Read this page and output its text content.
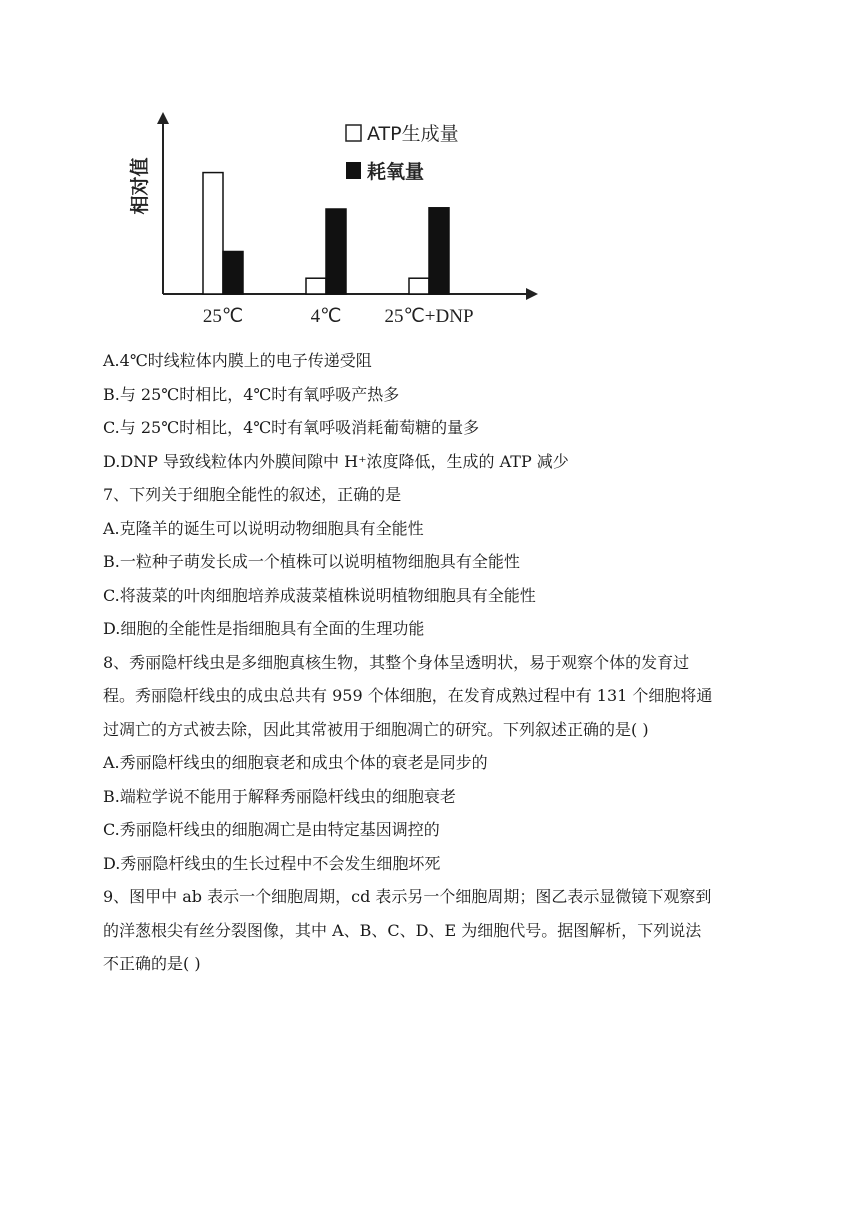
25℃	4℃ 25℃+DNP
相对值
ATP生成量
耗氧量
A.4℃时线粒体内膜上的电子传递受阻
B.与 25℃时相比，4℃时有氧呼吸产热多
C.与 25℃时相比，4℃时有氧呼吸消耗葡萄糖的量多
D.DNP 导致线粒体内外膜间隙中 H⁺浓度降低，生成的 ATP 减少
7、下列关于细胞全能性的叙述，正确的是
A.克隆羊的诞生可以说明动物细胞具有全能性
B.一粒种子萌发长成一个植株可以说明植物细胞具有全能性
C.将菠菜的叶肉细胞培养成菠菜植株说明植物细胞具有全能性
D.细胞的全能性是指细胞具有全面的生理功能
8、秀丽隐杆线虫是多细胞真核生物，其整个身体呈透明状，易于观察个体的发育过
程。秀丽隐杆线虫的成虫总共有 959 个体细胞，在发育成熟过程中有 131 个细胞将通
过凋亡的方式被去除，因此其常被用于细胞凋亡的研究。下列叙述正确的是( )
A.秀丽隐杆线虫的细胞衰老和成虫个体的衰老是同步的
B.端粒学说不能用于解释秀丽隐杆线虫的细胞衰老
C.秀丽隐杆线虫的细胞凋亡是由特定基因调控的
D.秀丽隐杆线虫的生长过程中不会发生细胞坏死
9、图甲中 ab 表示一个细胞周期，cd 表示另一个细胞周期；图乙表示显微镜下观察到
的洋葱根尖有丝分裂图像，其中 A、B、C、D、E 为细胞代号。据图解析，下列说法
不正确的是( )
